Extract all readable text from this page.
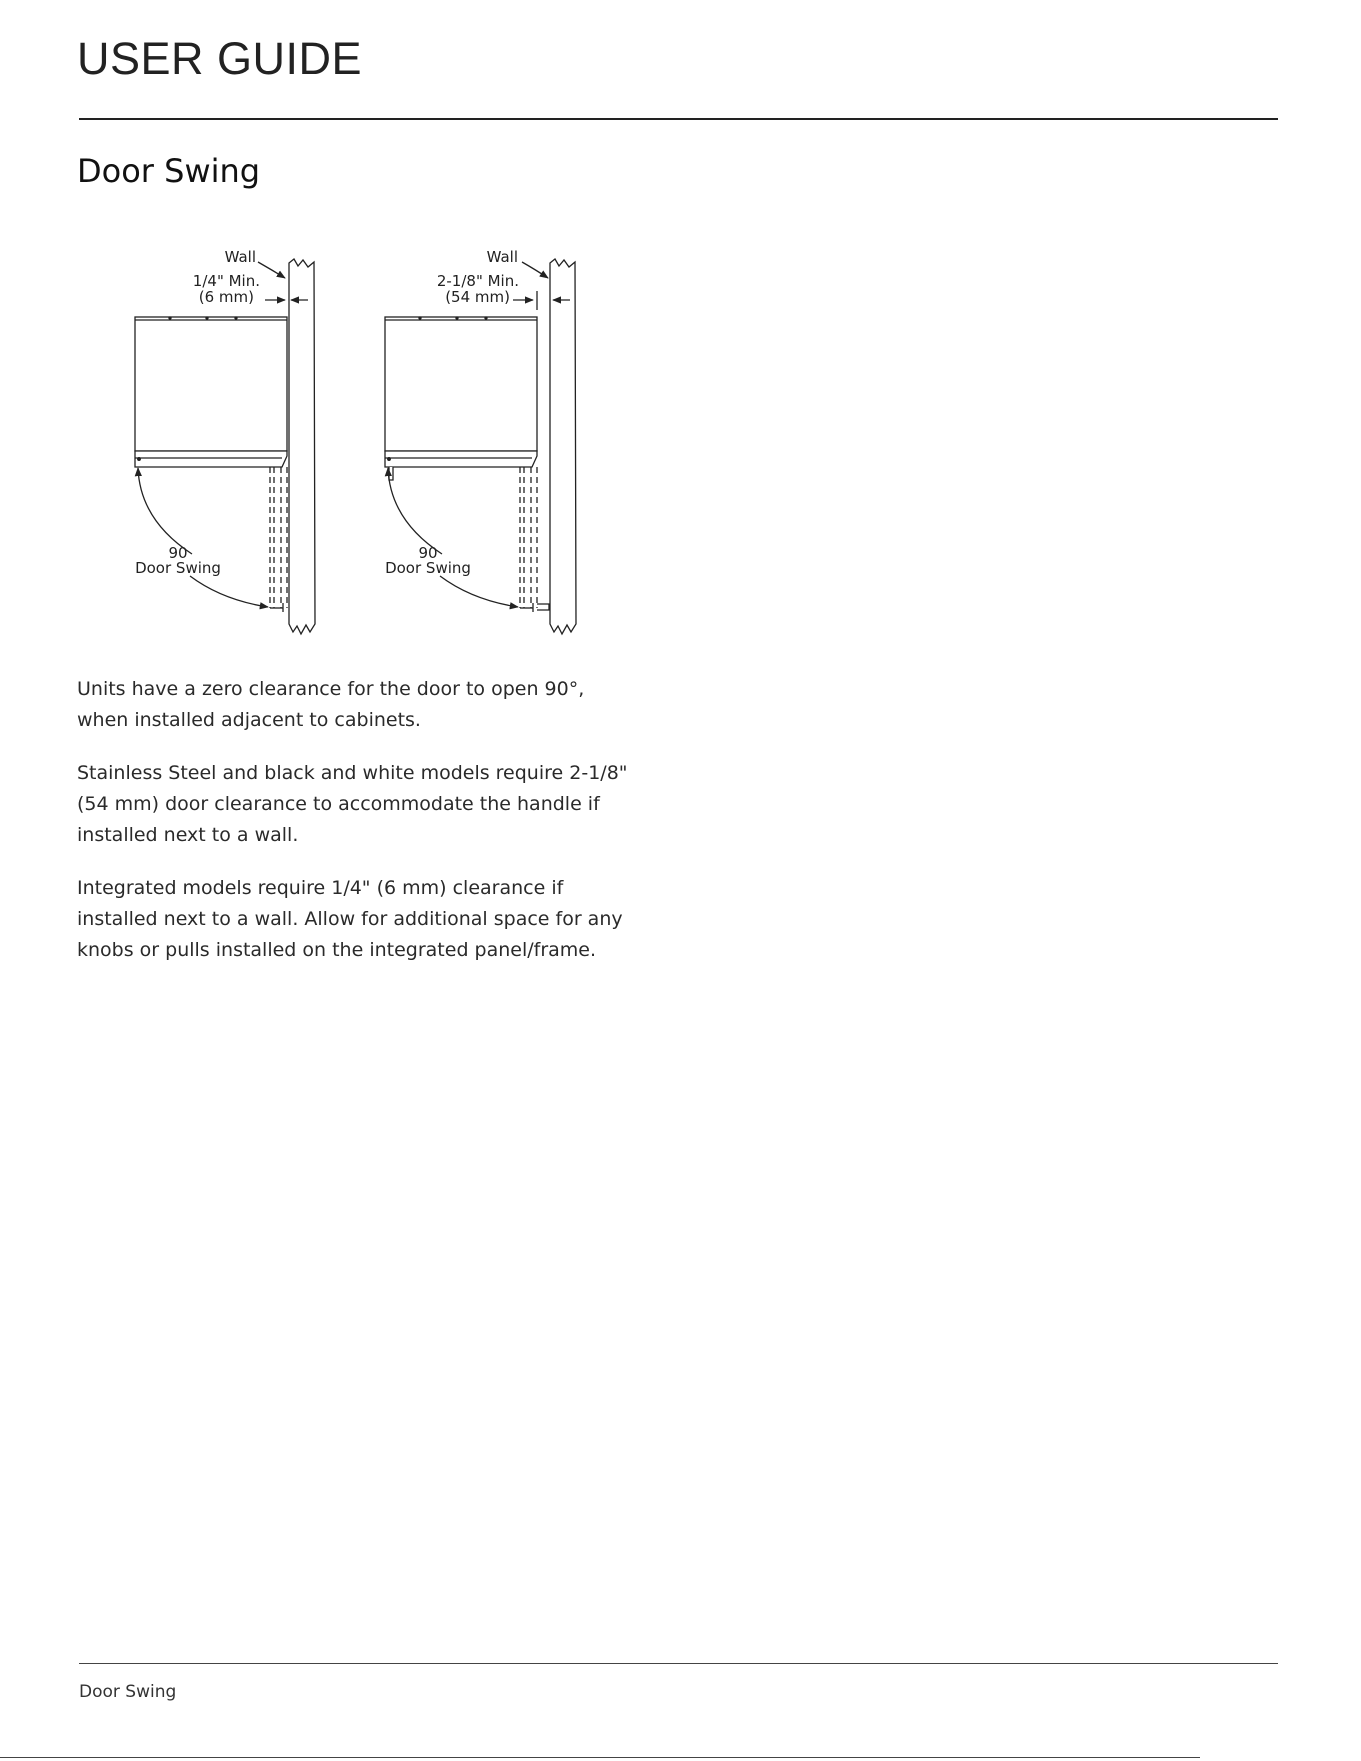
USER GUIDE
Door Swing
Wall
1/4" Min.
(6 mm)
90
Door Swing
Wall
2-1/8" Min.
(54 mm)
90
Door Swing

Units have a zero clearance for the door to open 90°, when installed adjacent to cabinets.

Stainless Steel and black and white models require 2-1/8" (54 mm) door clearance to accommodate the handle if installed next to a wall.

Integrated models require 1/4" (6 mm) clearance if installed next to a wall. Allow for additional space for any knobs or pulls installed on the integrated panel/frame.

Door Swing
